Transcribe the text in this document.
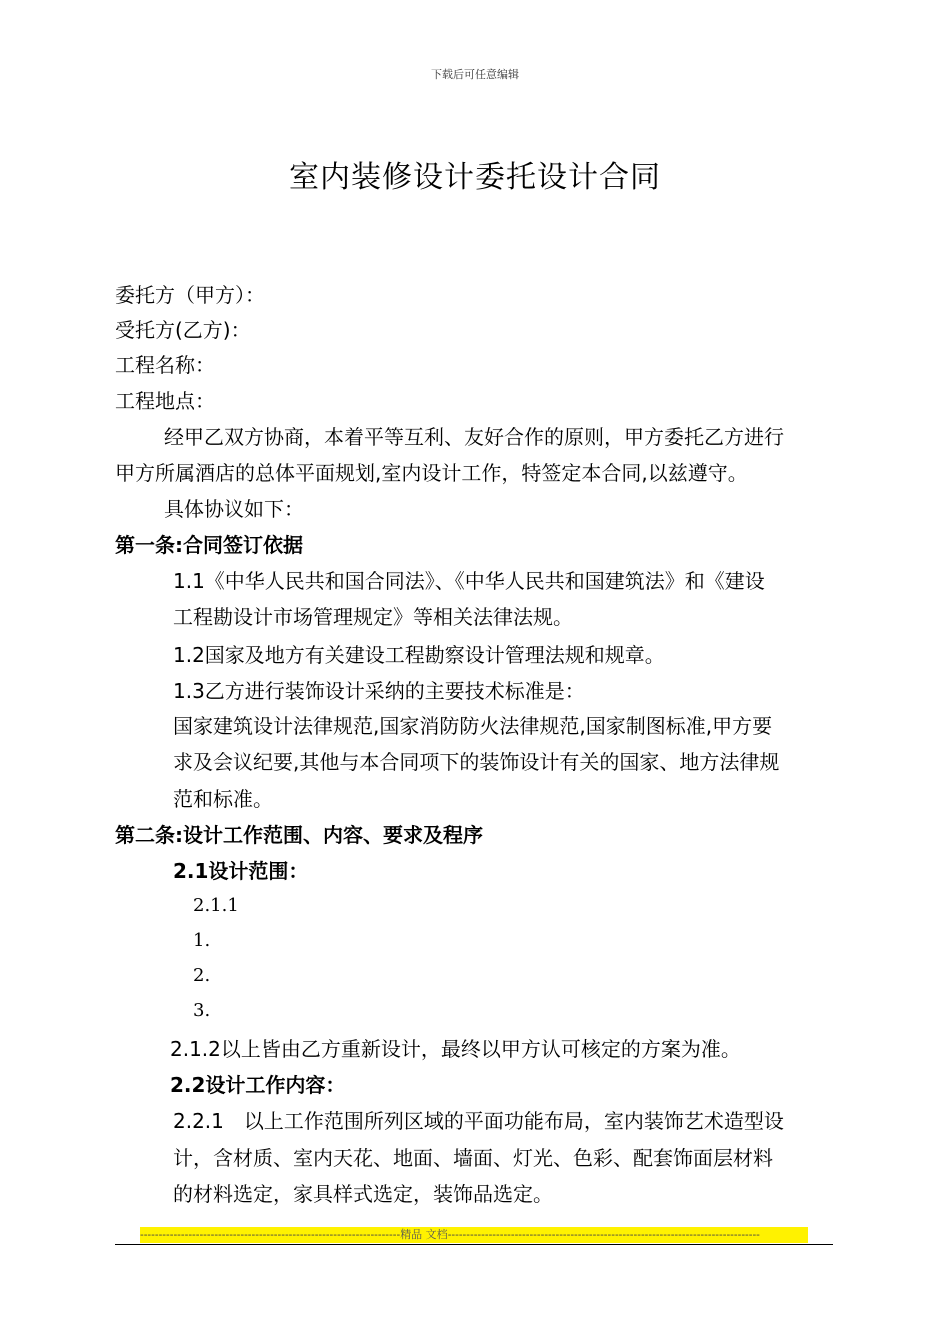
下载后可任意编辑
室内装修设计委托设计合同
委托方（甲方）：
受托方(乙方)：
工程名称：
工程地点：
经甲乙双方协商，本着平等互利、友好合作的原则，甲方委托乙方进行
甲方所属酒店的总体平面规划,室内设计工作，特签定本合同,以兹遵守。
具体协议如下：
第一条:合同签订依据
1.1《中华人民共和国合同法》、《中华人民共和国建筑法》和《建设
工程勘设计市场管理规定》等相关法律法规。
1.2国家及地方有关建设工程勘察设计管理法规和规章。
1.3乙方进行装饰设计采纳的主要技术标准是：
国家建筑设计法律规范,国家消防防火法律规范,国家制图标准,甲方要
求及会议纪要,其他与本合同项下的装饰设计有关的国家、地方法律规
范和标准。
第二条:设计工作范围、内容、要求及程序
2.1设计范围：
2.1.1
1.
2.
3.
2.1.2以上皆由乙方重新设计，最终以甲方认可核定的方案为准。
2.2设计工作内容：
2.2.1　以上工作范围所列区域的平面功能布局，室内装饰艺术造型设
计，含材质、室内天花、地面、墙面、灯光、色彩、配套饰面层材料
的材料选定，家具样式选定，装饰品选定。
----------------------------------------------------------------------精品 文档------------------------------------------------------------------------------------
